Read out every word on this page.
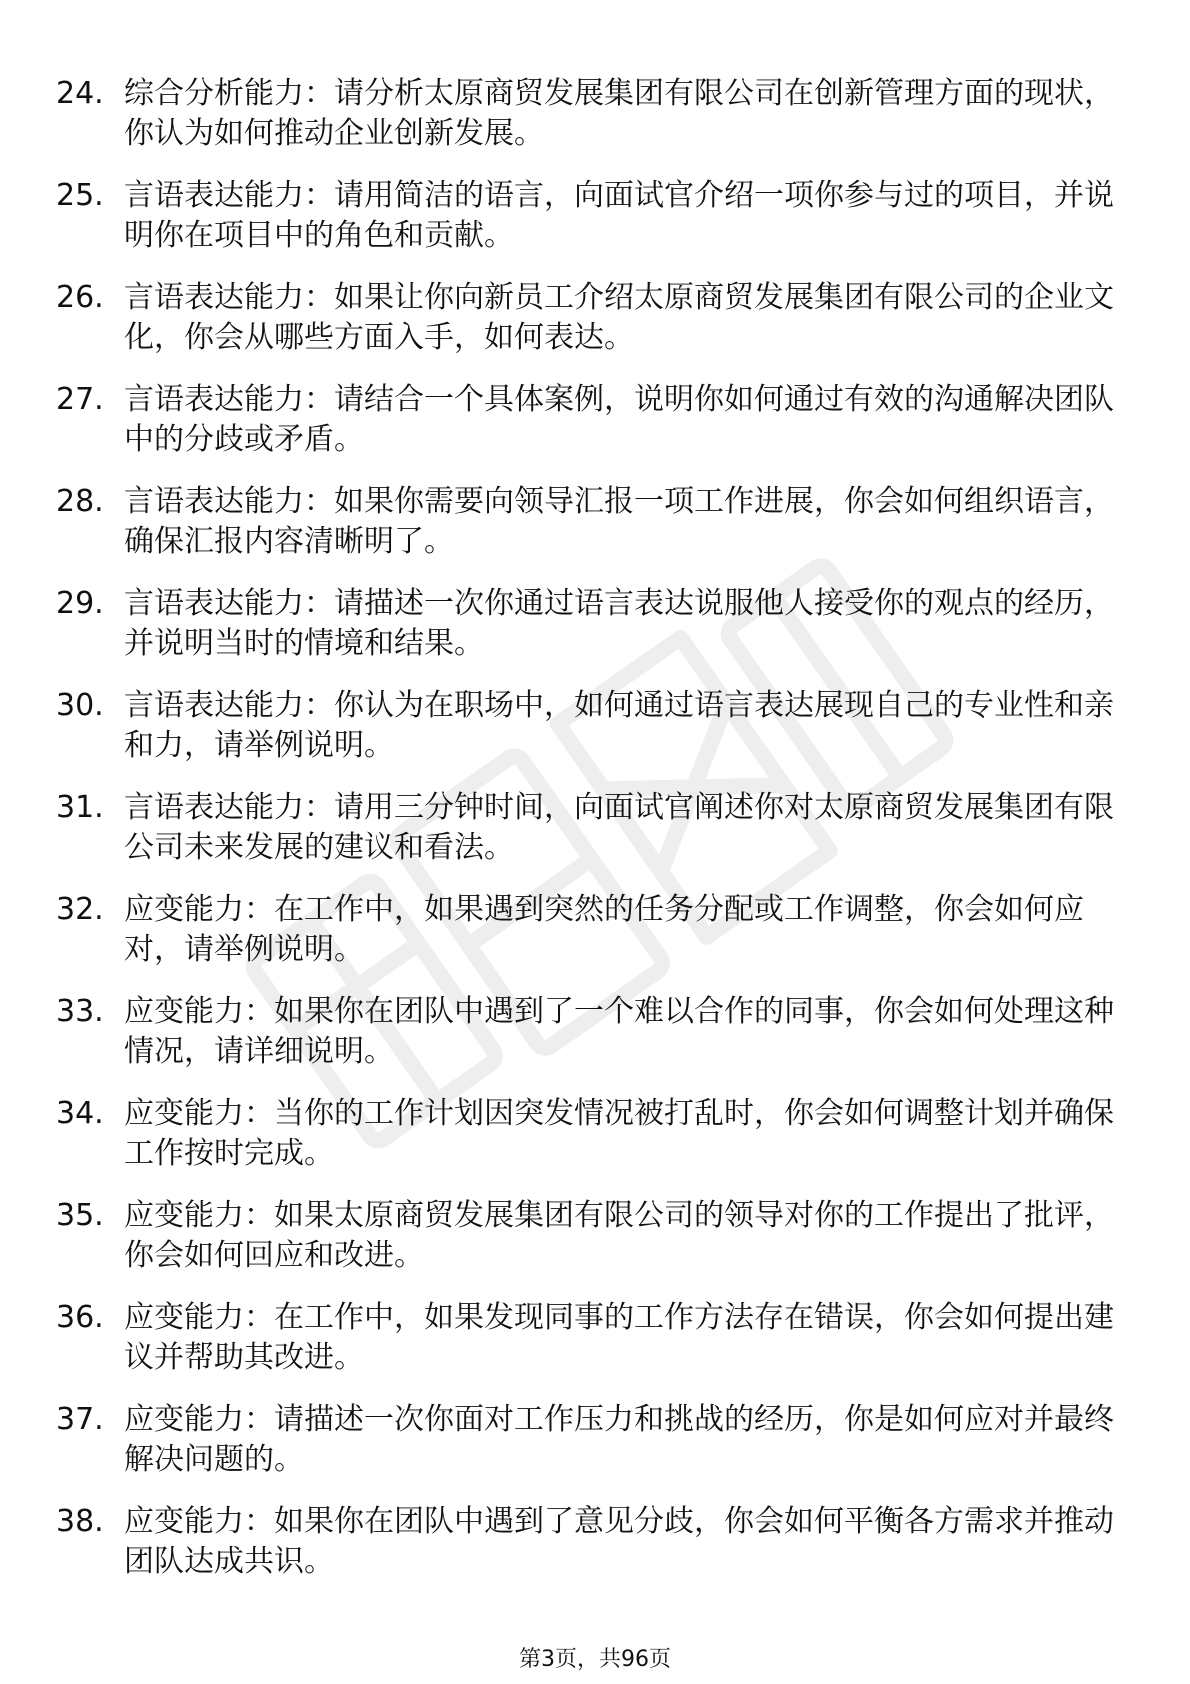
24. 综合分析能力：请分析太原商贸发展集团有限公司在创新管理方面的现状，你认为如何推动企业创新发展。
25. 言语表达能力：请用简洁的语言，向面试官介绍一项你参与过的项目，并说明你在项目中的角色和贡献。
26. 言语表达能力：如果让你向新员工介绍太原商贸发展集团有限公司的企业文化，你会从哪些方面入手，如何表达。
27. 言语表达能力：请结合一个具体案例，说明你如何通过有效的沟通解决团队中的分歧或矛盾。
28. 言语表达能力：如果你需要向领导汇报一项工作进展，你会如何组织语言，确保汇报内容清晰明了。
29. 言语表达能力：请描述一次你通过语言表达说服他人接受你的观点的经历，并说明当时的情境和结果。
30. 言语表达能力：你认为在职场中，如何通过语言表达展现自己的专业性和亲和力，请举例说明。
31. 言语表达能力：请用三分钟时间，向面试官阐述你对太原商贸发展集团有限公司未来发展的建议和看法。
32. 应变能力：在工作中，如果遇到突然的任务分配或工作调整，你会如何应对，请举例说明。
33. 应变能力：如果你在团队中遇到了一个难以合作的同事，你会如何处理这种情况，请详细说明。
34. 应变能力：当你的工作计划因突发情况被打乱时，你会如何调整计划并确保工作按时完成。
35. 应变能力：如果太原商贸发展集团有限公司的领导对你的工作提出了批评，你会如何回应和改进。
36. 应变能力：在工作中，如果发现同事的工作方法存在错误，你会如何提出建议并帮助其改进。
37. 应变能力：请描述一次你面对工作压力和挑战的经历，你是如何应对并最终解决问题的。
38. 应变能力：如果你在团队中遇到了意见分歧，你会如何平衡各方需求并推动团队达成共识。
第3页，共96页
